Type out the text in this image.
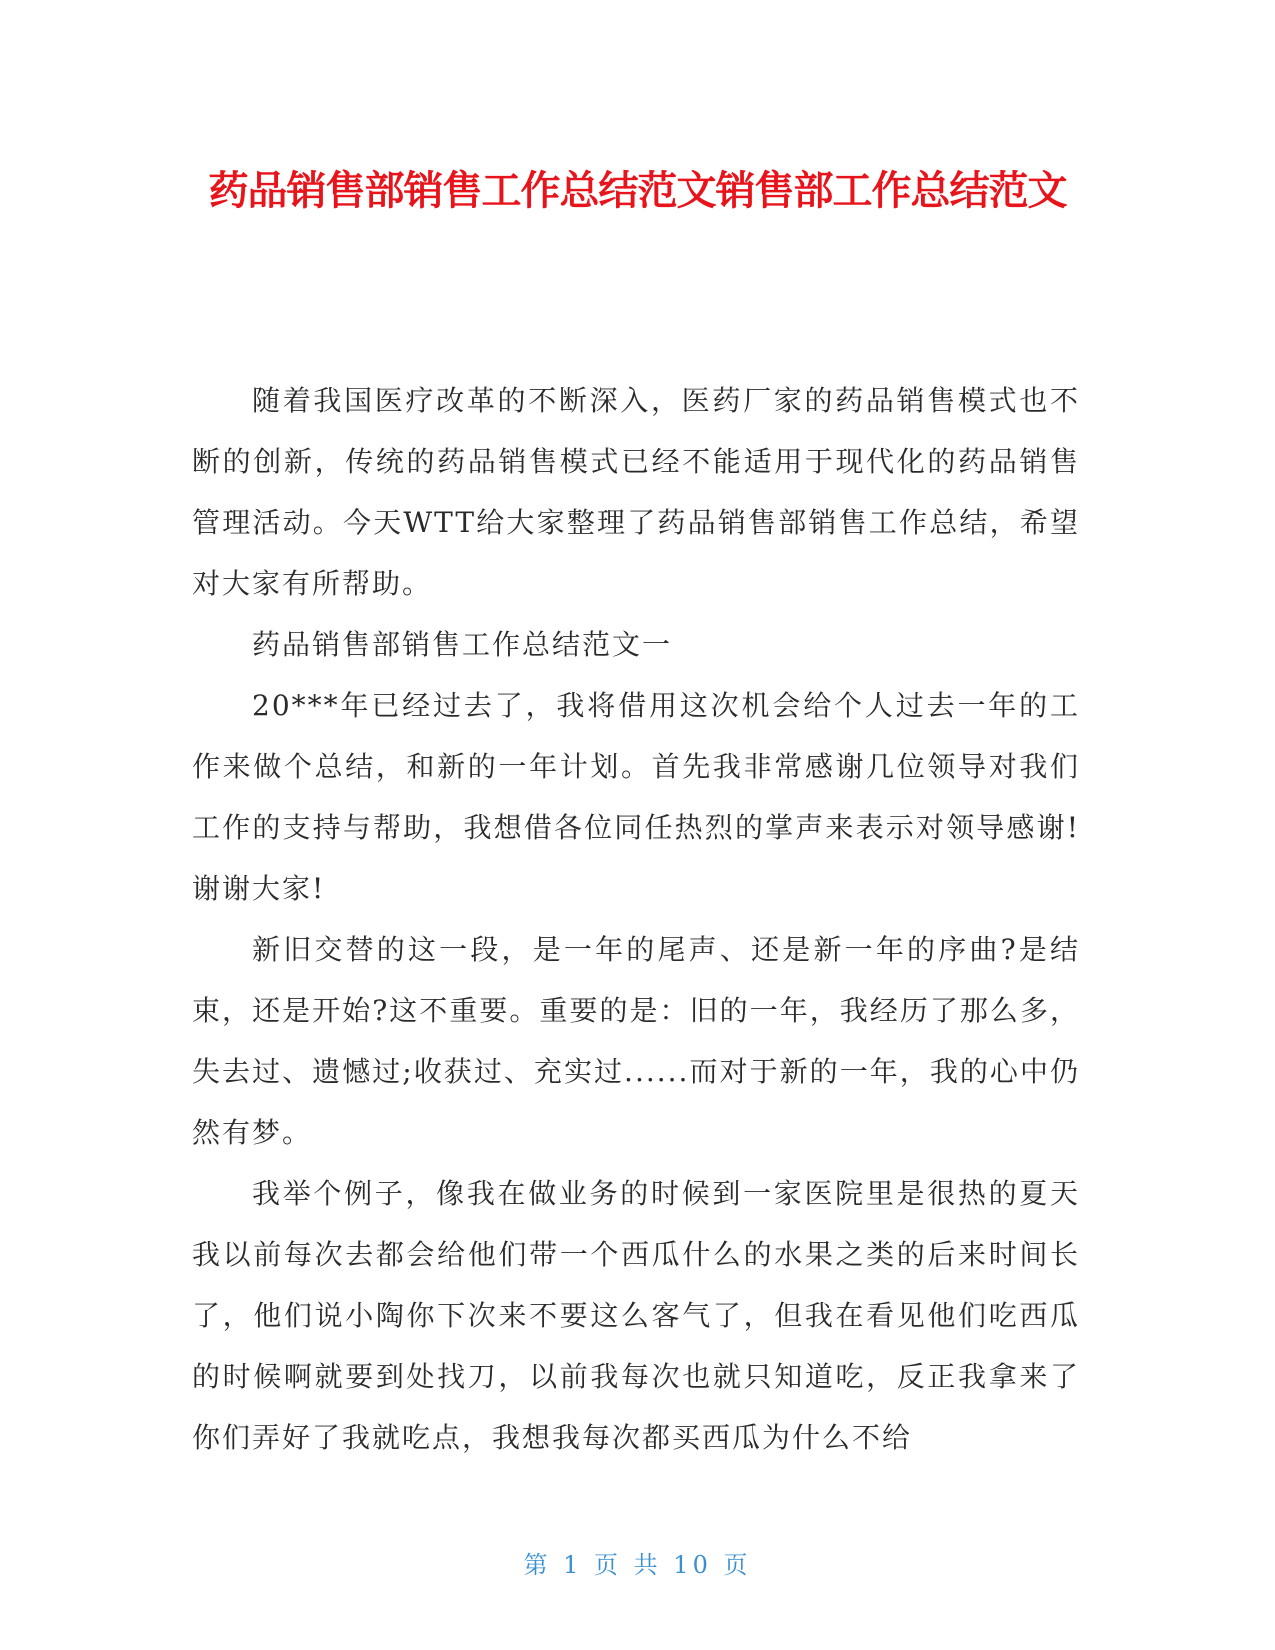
药品销售部销售工作总结范文销售部工作总结范文

随着我国医疗改革的不断深入，医药厂家的药品销售模式也不断的创新，传统的药品销售模式已经不能适用于现代化的药品销售管理活动。今天WTT给大家整理了药品销售部销售工作总结，希望对大家有所帮助。

药品销售部销售工作总结范文一

20***年已经过去了，我将借用这次机会给个人过去一年的工作来做个总结，和新的一年计划。首先我非常感谢几位领导对我们工作的支持与帮助，我想借各位同任热烈的掌声来表示对领导感谢!谢谢大家!

新旧交替的这一段，是一年的尾声、还是新一年的序曲?是结束，还是开始?这不重要。重要的是：旧的一年，我经历了那么多，失去过、遗憾过;收获过、充实过......而对于新的一年，我的心中仍然有梦。

我举个例子，像我在做业务的时候到一家医院里是很热的夏天我以前每次去都会给他们带一个西瓜什么的水果之类的后来时间长了，他们说小陶你下次来不要这么客气了，但我在看见他们吃西瓜的时候啊就要到处找刀，以前我每次也就只知道吃，反正我拿来了你们弄好了我就吃点，我想我每次都买西瓜为什么不给

第 1 页 共 10 页
